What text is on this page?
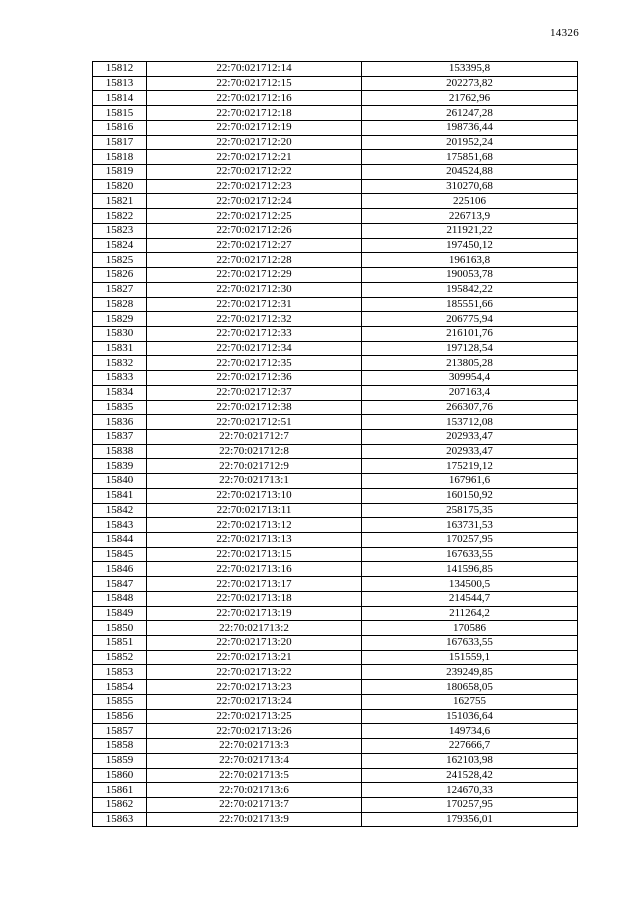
14326
15812	22:70:021712:14	153395,8
15813	22:70:021712:15	202273,82
15814	22:70:021712:16	21762,96
15815	22:70:021712:18	261247,28
15816	22:70:021712:19	198736,44
15817	22:70:021712:20	201952,24
15818	22:70:021712:21	175851,68
15819	22:70:021712:22	204524,88
15820	22:70:021712:23	310270,68
15821	22:70:021712:24	225106
15822	22:70:021712:25	226713,9
15823	22:70:021712:26	211921,22
15824	22:70:021712:27	197450,12
15825	22:70:021712:28	196163,8
15826	22:70:021712:29	190053,78
15827	22:70:021712:30	195842,22
15828	22:70:021712:31	185551,66
15829	22:70:021712:32	206775,94
15830	22:70:021712:33	216101,76
15831	22:70:021712:34	197128,54
15832	22:70:021712:35	213805,28
15833	22:70:021712:36	309954,4
15834	22:70:021712:37	207163,4
15835	22:70:021712:38	266307,76
15836	22:70:021712:51	153712,08
15837	22:70:021712:7	202933,47
15838	22:70:021712:8	202933,47
15839	22:70:021712:9	175219,12
15840	22:70:021713:1	167961,6
15841	22:70:021713:10	160150,92
15842	22:70:021713:11	258175,35
15843	22:70:021713:12	163731,53
15844	22:70:021713:13	170257,95
15845	22:70:021713:15	167633,55
15846	22:70:021713:16	141596,85
15847	22:70:021713:17	134500,5
15848	22:70:021713:18	214544,7
15849	22:70:021713:19	211264,2
15850	22:70:021713:2	170586
15851	22:70:021713:20	167633,55
15852	22:70:021713:21	151559,1
15853	22:70:021713:22	239249,85
15854	22:70:021713:23	180658,05
15855	22:70:021713:24	162755
15856	22:70:021713:25	151036,64
15857	22:70:021713:26	149734,6
15858	22:70:021713:3	227666,7
15859	22:70:021713:4	162103,98
15860	22:70:021713:5	241528,42
15861	22:70:021713:6	124670,33
15862	22:70:021713:7	170257,95
15863	22:70:021713:9	179356,01
